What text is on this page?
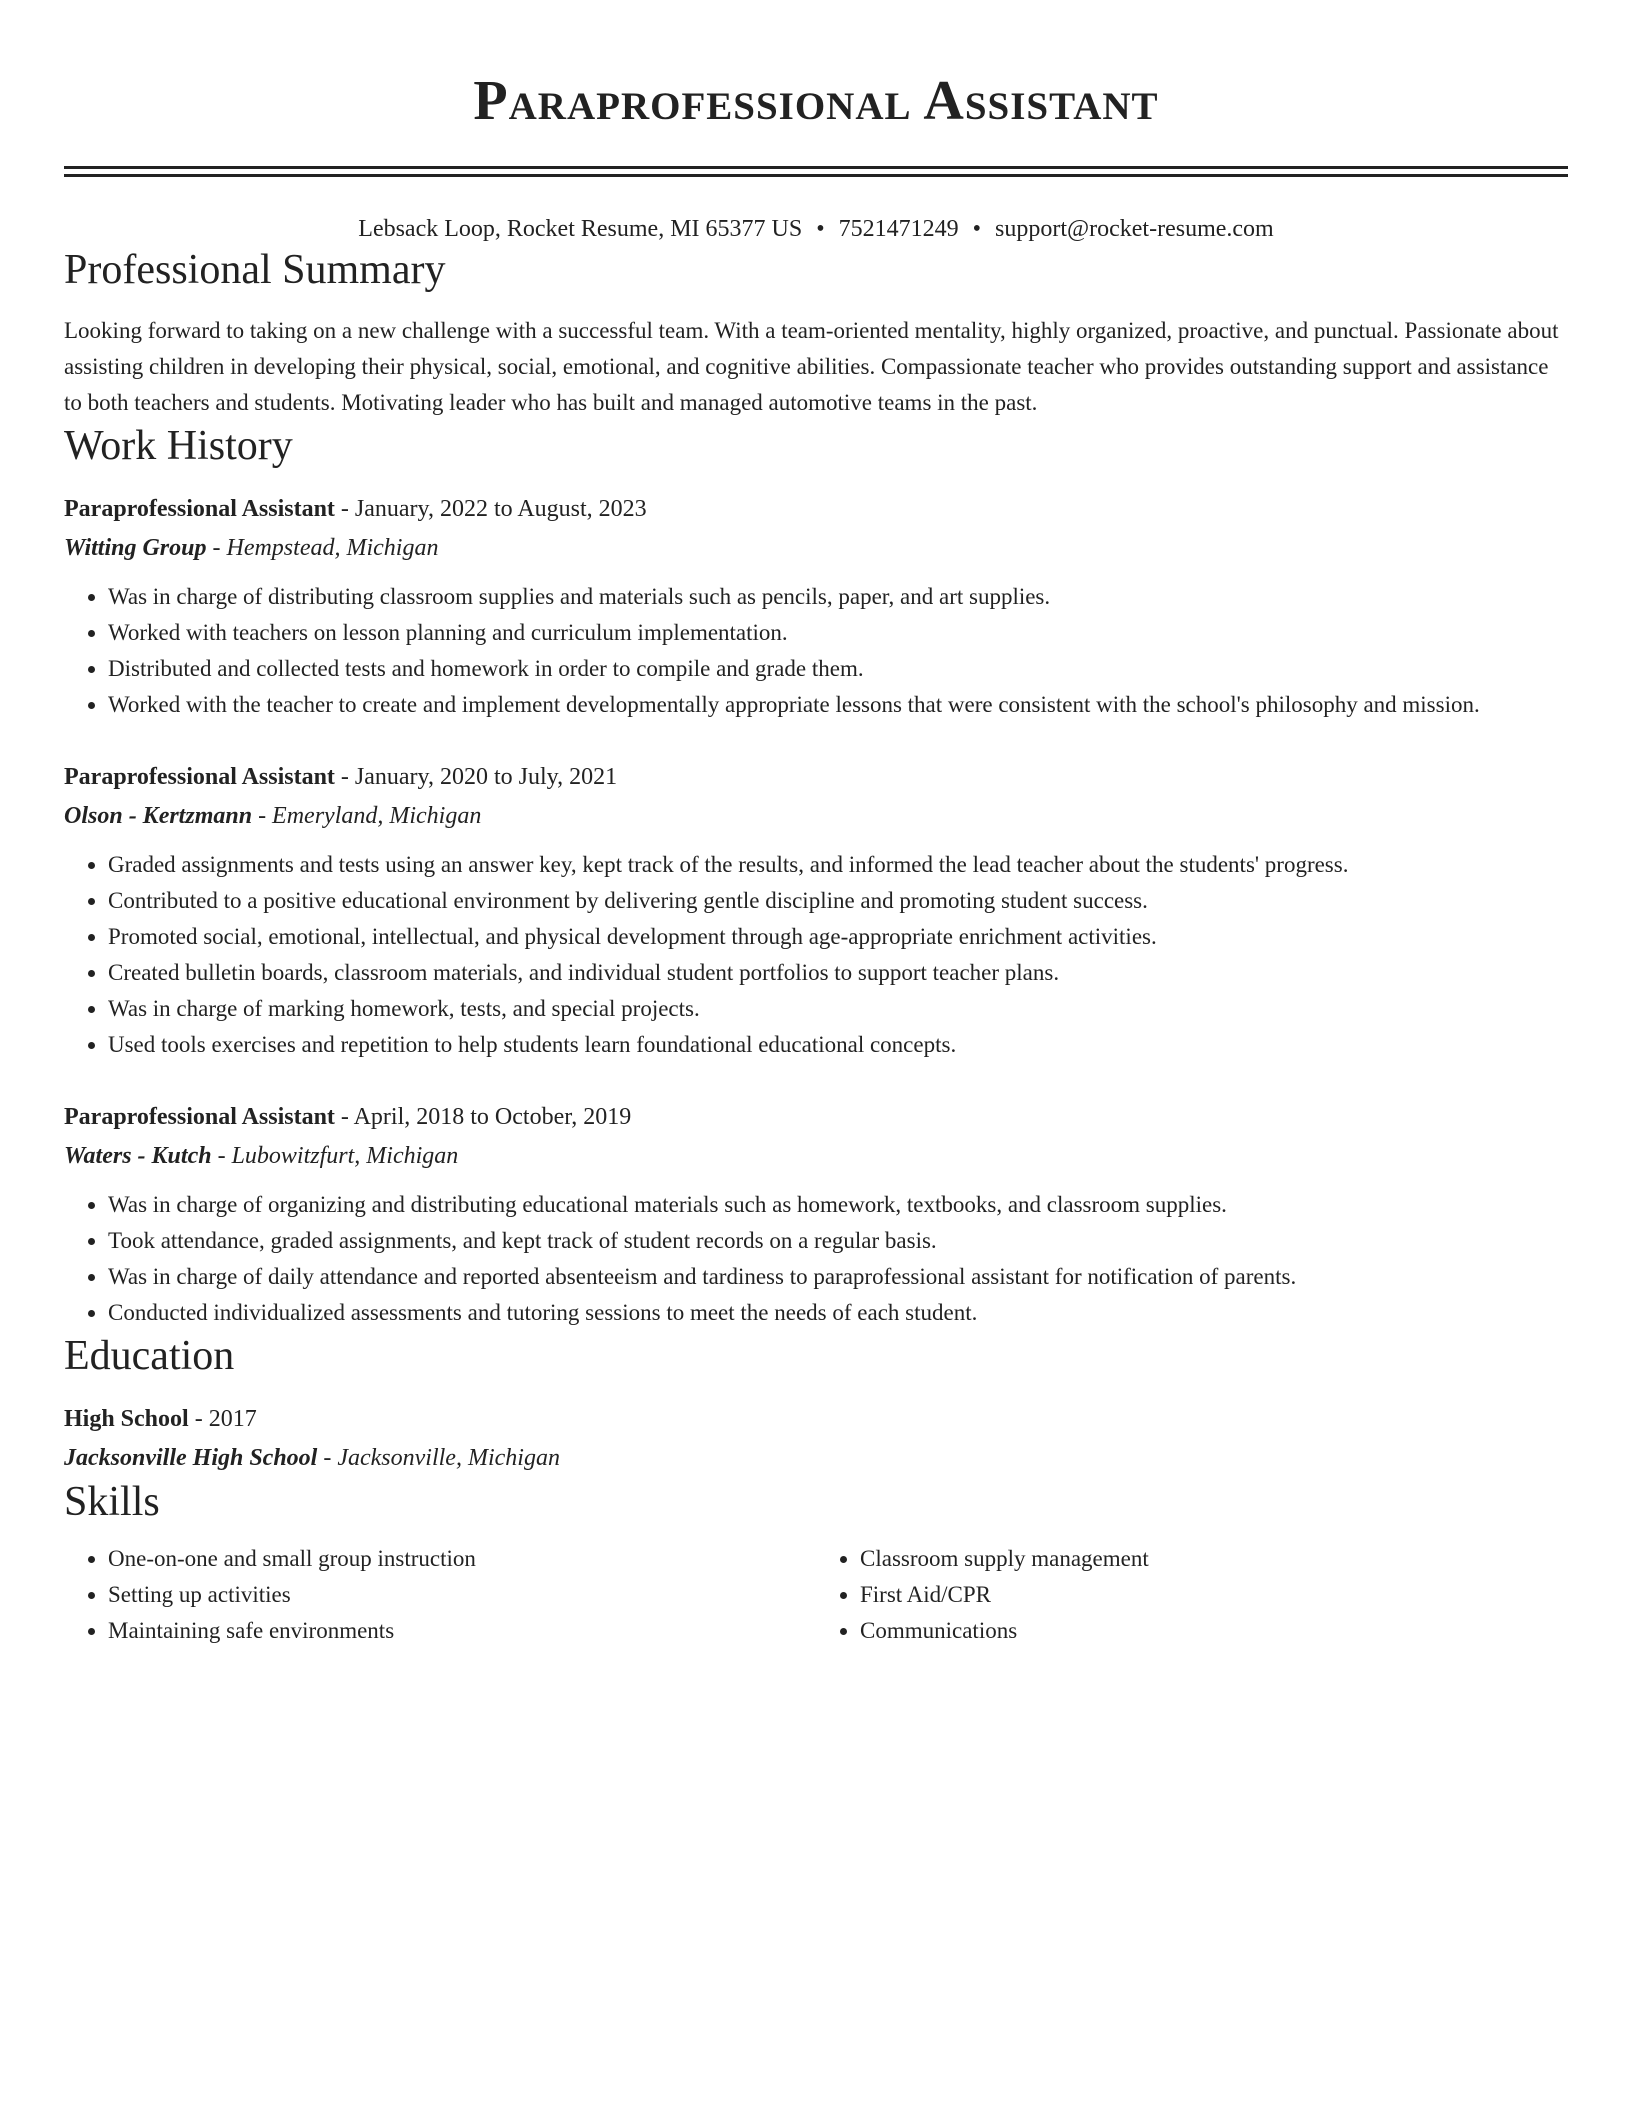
Paraprofessional Assistant
Lebsack Loop, Rocket Resume, MI 65377 US • 7521471249 • support@rocket-resume.com
Professional Summary

Looking forward to taking on a new challenge with a successful team. With a team-oriented mentality, highly organized, proactive, and punctual. Passionate about assisting children in developing their physical, social, emotional, and cognitive abilities. Compassionate teacher who provides outstanding support and assistance to both teachers and students. Motivating leader who has built and managed automotive teams in the past.

Work History
Paraprofessional Assistant - January, 2022 to August, 2023
Witting Group - Hempstead, Michigan
• Was in charge of distributing classroom supplies and materials such as pencils, paper, and art supplies.
• Worked with teachers on lesson planning and curriculum implementation.
• Distributed and collected tests and homework in order to compile and grade them.
• Worked with the teacher to create and implement developmentally appropriate lessons that were consistent with the school's philosophy and mission.
Paraprofessional Assistant - January, 2020 to July, 2021
Olson - Kertzmann - Emeryland, Michigan
• Graded assignments and tests using an answer key, kept track of the results, and informed the lead teacher about the students' progress.
• Contributed to a positive educational environment by delivering gentle discipline and promoting student success.
• Promoted social, emotional, intellectual, and physical development through age-appropriate enrichment activities.
• Created bulletin boards, classroom materials, and individual student portfolios to support teacher plans.
• Was in charge of marking homework, tests, and special projects.
• Used tools exercises and repetition to help students learn foundational educational concepts.
Paraprofessional Assistant - April, 2018 to October, 2019
Waters - Kutch - Lubowitzfurt, Michigan
• Was in charge of organizing and distributing educational materials such as homework, textbooks, and classroom supplies.
• Took attendance, graded assignments, and kept track of student records on a regular basis.
• Was in charge of daily attendance and reported absenteeism and tardiness to paraprofessional assistant for notification of parents.
• Conducted individualized assessments and tutoring sessions to meet the needs of each student.
Education
High School - 2017
Jacksonville High School - Jacksonville, Michigan
Skills
• One-on-one and small group instruction
• Setting up activities
• Maintaining safe environments
• Classroom supply management
• First Aid/CPR
• Communications
